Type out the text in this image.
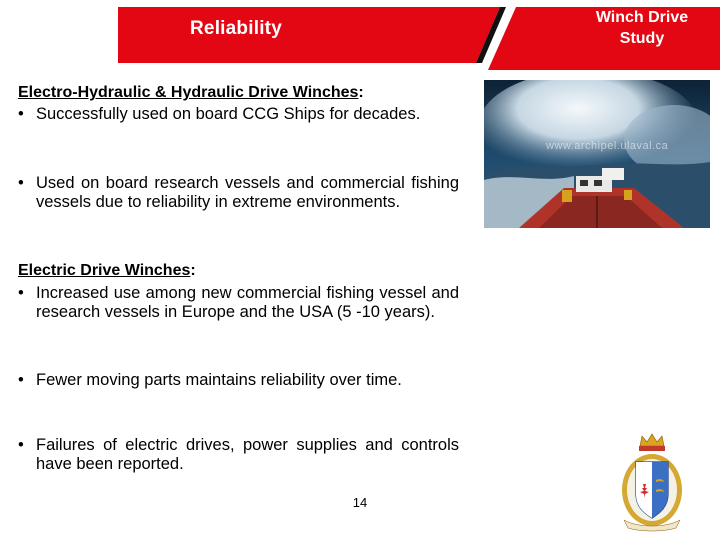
Reliability
Winch Drive
Study
Electro-Hydraulic & Hydraulic Drive Winches:
• Successfully used on board CCG Ships for decades.
• Used on board research vessels and commercial fishing vessels due to reliability in extreme environments.
Electric Drive Winches:
• Increased use among new commercial fishing vessel and research vessels in Europe and the USA (5 -10 years).
• Fewer moving parts maintains reliability over time.
• Failures of electric drives, power supplies and controls have been reported.
www.archipel.ulaval.ca
14
